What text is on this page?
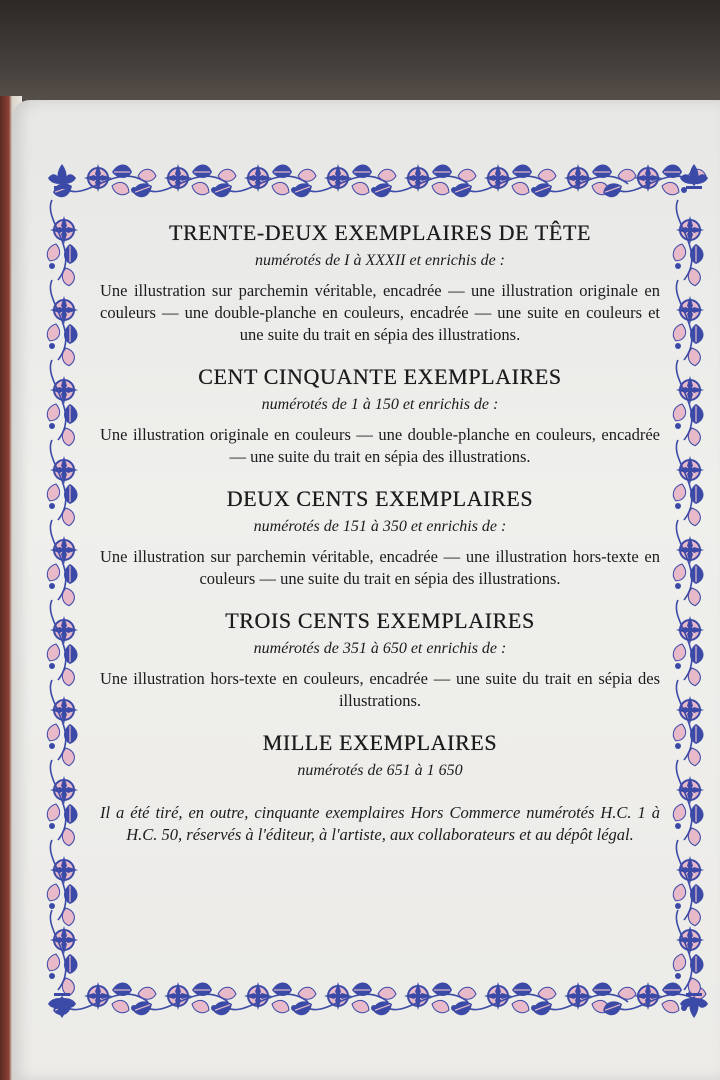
TRENTE-DEUX EXEMPLAIRES DE TÊTE
numérotés de I à XXXII et enrichis de :

Une illustration sur parchemin véritable, encadrée — une illustration originale en couleurs — une double-planche en couleurs, encadrée — une suite en couleurs et une suite du trait en sépia des illustrations.

CENT CINQUANTE EXEMPLAIRES
numérotés de 1 à 150 et enrichis de :

Une illustration originale en couleurs — une double-planche en couleurs, encadrée — une suite du trait en sépia des illustrations.

DEUX CENTS EXEMPLAIRES
numérotés de 151 à 350 et enrichis de :

Une illustration sur parchemin véritable, encadrée — une illustration hors-texte en couleurs — une suite du trait en sépia des illustrations.

TROIS CENTS EXEMPLAIRES
numérotés de 351 à 650 et enrichis de :

Une illustration hors-texte en couleurs, encadrée — une suite du trait en sépia des illustrations.

MILLE EXEMPLAIRES
numérotés de 651 à 1 650

Il a été tiré, en outre, cinquante exemplaires Hors Commerce numérotés H.C. 1 à H.C. 50, réservés à l'éditeur, à l'artiste, aux collaborateurs et au dépôt légal.
